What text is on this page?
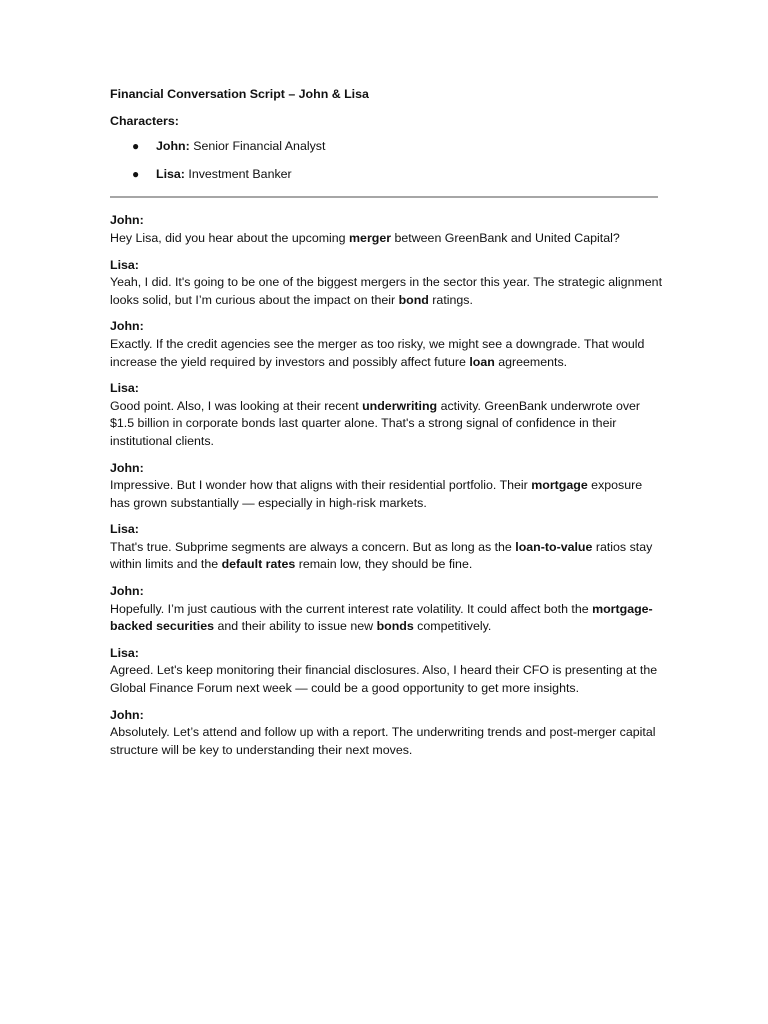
Financial Conversation Script – John & Lisa
Characters:
● John: Senior Financial Analyst
● Lisa: Investment Banker
John:
Hey Lisa, did you hear about the upcoming merger between GreenBank and United Capital?
Lisa:
Yeah, I did. It's going to be one of the biggest mergers in the sector this year. The strategic alignment looks solid, but I’m curious about the impact on their bond ratings.
John:
Exactly. If the credit agencies see the merger as too risky, we might see a downgrade. That would increase the yield required by investors and possibly affect future loan agreements.
Lisa:
Good point. Also, I was looking at their recent underwriting activity. GreenBank underwrote over $1.5 billion in corporate bonds last quarter alone. That's a strong signal of confidence in their institutional clients.
John:
Impressive. But I wonder how that aligns with their residential portfolio. Their mortgage exposure has grown substantially — especially in high-risk markets.
Lisa:
That's true. Subprime segments are always a concern. But as long as the loan-to-value ratios stay within limits and the default rates remain low, they should be fine.
John:
Hopefully. I’m just cautious with the current interest rate volatility. It could affect both the mortgage-backed securities and their ability to issue new bonds competitively.
Lisa:
Agreed. Let's keep monitoring their financial disclosures. Also, I heard their CFO is presenting at the Global Finance Forum next week — could be a good opportunity to get more insights.
John:
Absolutely. Let’s attend and follow up with a report. The underwriting trends and post-merger capital structure will be key to understanding their next moves.
